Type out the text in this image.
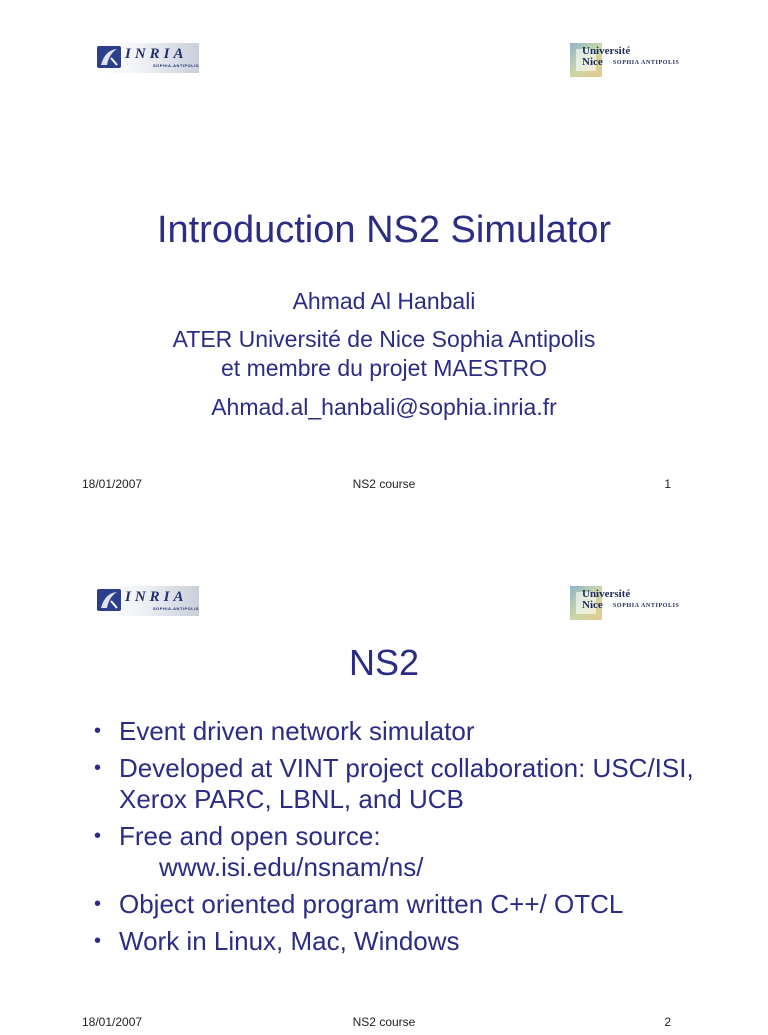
INRIA
SOPHIA-ANTIPOLIS
Université
Nice SOPHIA ANTIPOLIS
Introduction NS2 Simulator
Ahmad Al Hanbali
ATER Université de Nice Sophia Antipolis
et membre du projet MAESTRO
Ahmad.al_hanbali@sophia.inria.fr
18/01/2007	NS2 course	1
INRIA
SOPHIA-ANTIPOLIS
Université
Nice SOPHIA ANTIPOLIS
NS2
• Event driven network simulator
• Developed at VINT project collaboration: USC/ISI, Xerox PARC, LBNL, and UCB
• Free and open source:
www.isi.edu/nsnam/ns/
• Object oriented program written C++/ OTCL
• Work in Linux, Mac, Windows
18/01/2007	NS2 course	2
